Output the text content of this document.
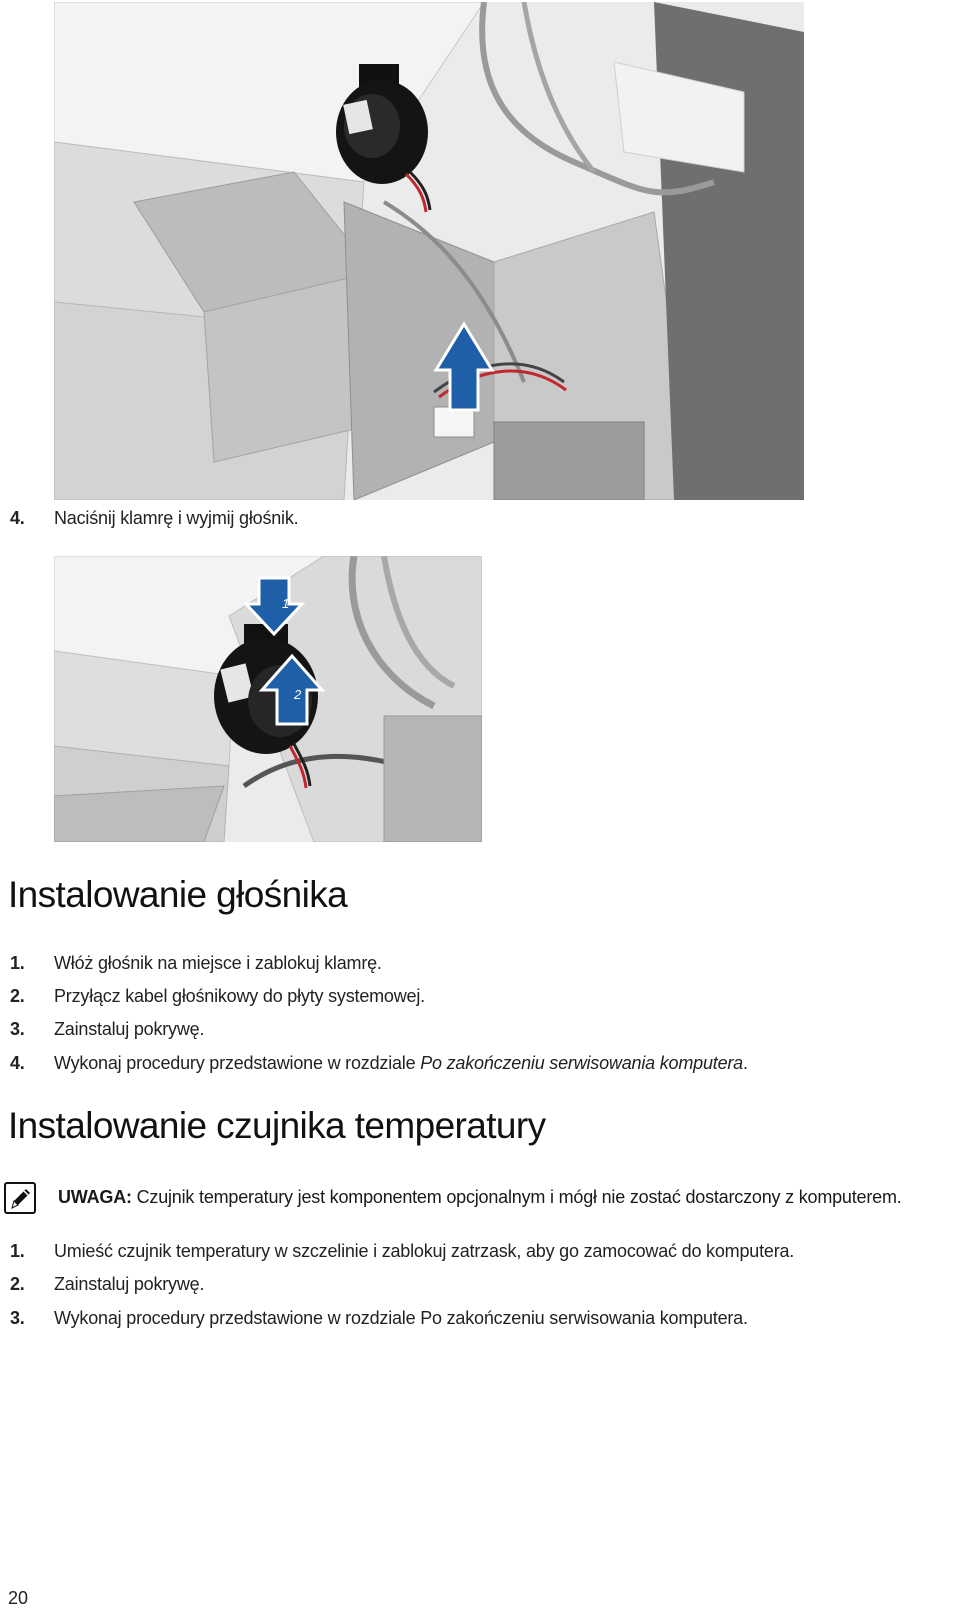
4. Naciśnij klamrę i wyjmij głośnik.
1
2
Instalowanie głośnika
1. Włóż głośnik na miejsce i zablokuj klamrę.
2. Przyłącz kabel głośnikowy do płyty systemowej.
3. Zainstaluj pokrywę.
4. Wykonaj procedury przedstawione w rozdziale Po zakończeniu serwisowania komputera.
Instalowanie czujnika temperatury
UWAGA: Czujnik temperatury jest komponentem opcjonalnym i mógł nie zostać dostarczony z komputerem.
1. Umieść czujnik temperatury w szczelinie i zablokuj zatrzask, aby go zamocować do komputera.
2. Zainstaluj pokrywę.
3. Wykonaj procedury przedstawione w rozdziale Po zakończeniu serwisowania komputera.
20
